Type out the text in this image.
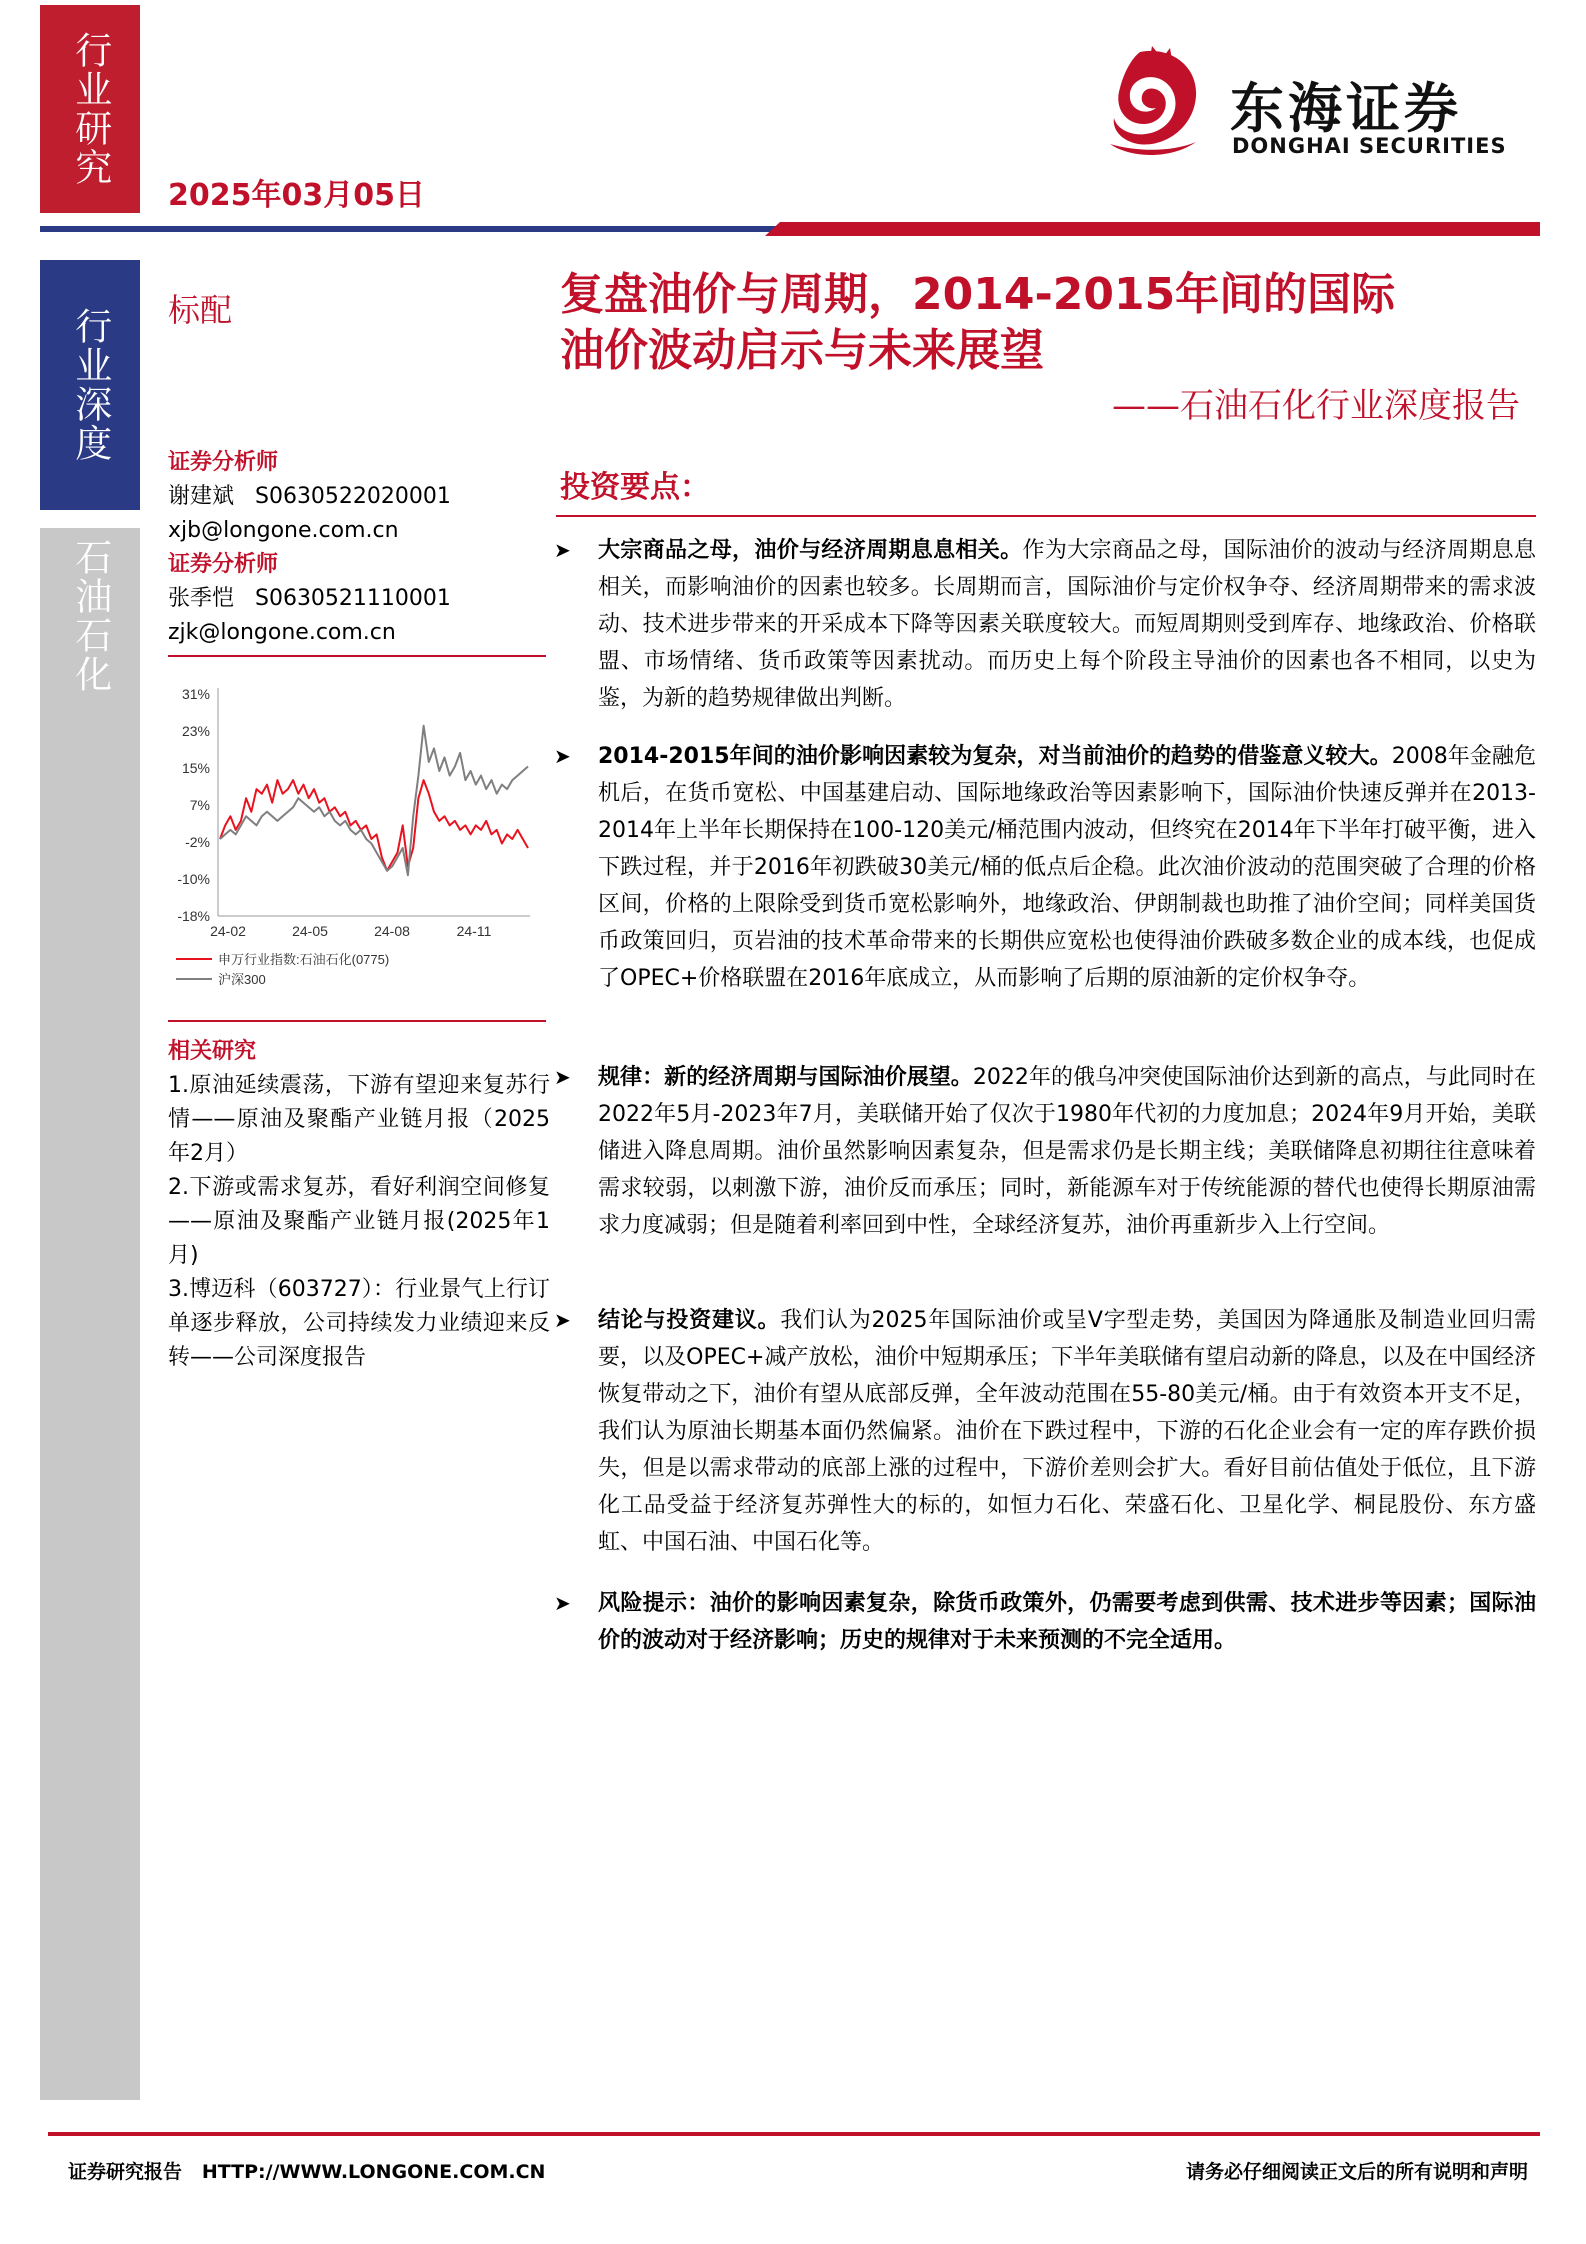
行业研究
行业深度
石油石化
2025年03月05日
东海证券
DONGHAI SECURITIES
标配	复盘油价与周期，2014-2015年间的国际
油价波动启示与未来展望
——石油石化行业深度报告
证券分析师
谢建斌   S0630522020001
xjb@longone.com.cn
证券分析师
张季恺   S0630521110001
zjk@longone.com.cn
31%
23%
15%
7%
-2%
-10%
-18%
24-02	24-05	24-08	24-11
申万行业指数:石油石化(0775)
沪深300
相关研究
1.原油延续震荡，下游有望迎来复苏行情——原油及聚酯产业链月报（2025年2月）
2.下游或需求复苏，看好利润空间修复——原油及聚酯产业链月报(2025年1月)
3.博迈科（603727）：行业景气上行订单逐步释放，公司持续发力业绩迎来反转——公司深度报告
投资要点：
➤ 大宗商品之母，油价与经济周期息息相关。作为大宗商品之母，国际油价的波动与经济周期息息相关，而影响油价的因素也较多。长周期而言，国际油价与定价权争夺、经济周期带来的需求波动、技术进步带来的开采成本下降等因素关联度较大。而短周期则受到库存、地缘政治、价格联盟、市场情绪、货币政策等因素扰动。而历史上每个阶段主导油价的因素也各不相同，以史为鉴，为新的趋势规律做出判断。

➤ 2014-2015年间的油价影响因素较为复杂，对当前油价的趋势的借鉴意义较大。2008年金融危机后，在货币宽松、中国基建启动、国际地缘政治等因素影响下，国际油价快速反弹并在2013-2014年上半年长期保持在100-120美元/桶范围内波动，但终究在2014年下半年打破平衡，进入下跌过程，并于2016年初跌破30美元/桶的低点后企稳。此次油价波动的范围突破了合理的价格区间，价格的上限除受到货币宽松影响外，地缘政治、伊朗制裁也助推了油价空间；同样美国货币政策回归，页岩油的技术革命带来的长期供应宽松也使得油价跌破多数企业的成本线，也促成了OPEC+价格联盟在2016年底成立，从而影响了后期的原油新的定价权争夺。

➤ 规律：新的经济周期与国际油价展望。2022年的俄乌冲突使国际油价达到新的高点，与此同时在2022年5月-2023年7月，美联储开始了仅次于1980年代初的力度加息；2024年9月开始，美联储进入降息周期。油价虽然影响因素复杂，但是需求仍是长期主线；美联储降息初期往往意味着需求较弱，以刺激下游，油价反而承压；同时，新能源车对于传统能源的替代也使得长期原油需求力度减弱；但是随着利率回到中性，全球经济复苏，油价再重新步入上行空间。

➤ 结论与投资建议。我们认为2025年国际油价或呈V字型走势，美国因为降通胀及制造业回归需要，以及OPEC+减产放松，油价中短期承压；下半年美联储有望启动新的降息，以及在中国经济恢复带动之下，油价有望从底部反弹，全年波动范围在55-80美元/桶。由于有效资本开支不足，我们认为原油长期基本面仍然偏紧。油价在下跌过程中，下游的石化企业会有一定的库存跌价损失，但是以需求带动的底部上涨的过程中，下游价差则会扩大。看好目前估值处于低位，且下游化工品受益于经济复苏弹性大的标的，如恒力石化、荣盛石化、卫星化学、桐昆股份、东方盛虹、中国石油、中国石化等。

➤ 风险提示：油价的影响因素复杂，除货币政策外，仍需要考虑到供需、技术进步等因素；国际油价的波动对于经济影响；历史的规律对于未来预测的不完全适用。

证券研究报告   HTTP://WWW.LONGONE.COM.CN	请务必仔细阅读正文后的所有说明和声明
